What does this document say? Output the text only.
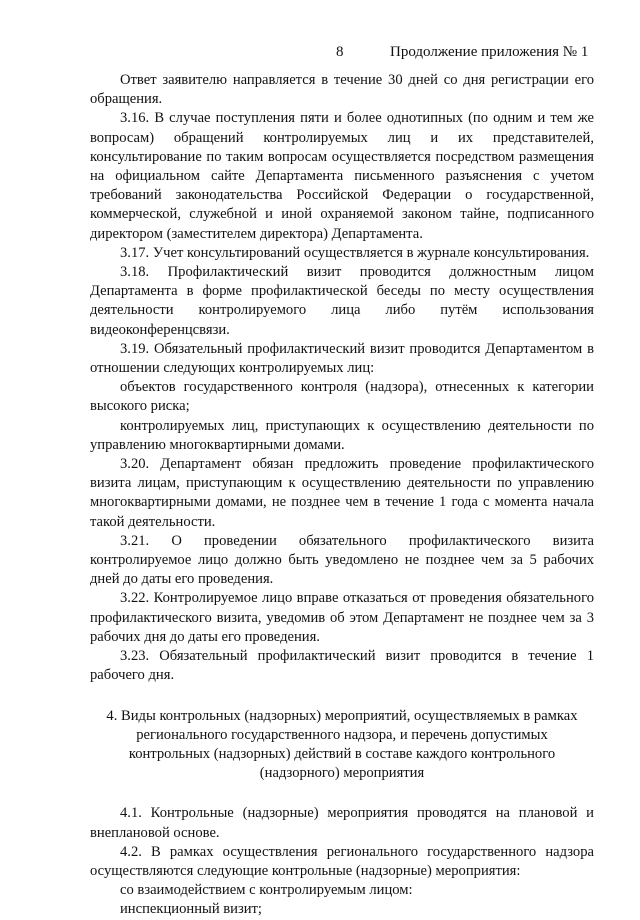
8	Продолжение приложения № 1

Ответ заявителю направляется в течение 30 дней со дня регистрации его обращения.

3.16. В случае поступления пяти и более однотипных (по одним и тем же вопросам) обращений контролируемых лиц и их представителей, консультирование по таким вопросам осуществляется посредством размещения на официальном сайте Департамента письменного разъяснения с учетом требований законодательства Российской Федерации о государственной, коммерческой, служебной и иной охраняемой законом тайне, подписанного директором (заместителем директора) Департамента.

3.17. Учет консультирований осуществляется в журнале консультирования.

3.18. Профилактический визит проводится должностным лицом Департамента в форме профилактической беседы по месту осуществления деятельности контролируемого лица либо путём использования видеоконференцсвязи.

3.19. Обязательный профилактический визит проводится Департаментом в отношении следующих контролируемых лиц:

объектов государственного контроля (надзора), отнесенных к категории высокого риска;

контролируемых лиц, приступающих к осуществлению деятельности по управлению многоквартирными домами.

3.20. Департамент обязан предложить проведение профилактического визита лицам, приступающим к осуществлению деятельности по управлению многоквартирными домами, не позднее чем в течение 1 года с момента начала такой деятельности.

3.21. О проведении обязательного профилактического визита контролируемое лицо должно быть уведомлено не позднее чем за 5 рабочих дней до даты его проведения.

3.22. Контролируемое лицо вправе отказаться от проведения обязательного профилактического визита, уведомив об этом Департамент не позднее чем за 3 рабочих дня до даты его проведения.

3.23. Обязательный профилактический визит проводится в течение 1 рабочего дня.

4. Виды контрольных (надзорных) мероприятий, осуществляемых в рамках регионального государственного надзора, и перечень допустимых контрольных (надзорных) действий в составе каждого контрольного (надзорного) мероприятия

4.1. Контрольные (надзорные) мероприятия проводятся на плановой и внеплановой основе.

4.2. В рамках осуществления регионального государственного надзора осуществляются следующие контрольные (надзорные) мероприятия:

со взаимодействием с контролируемым лицом:

инспекционный визит;
